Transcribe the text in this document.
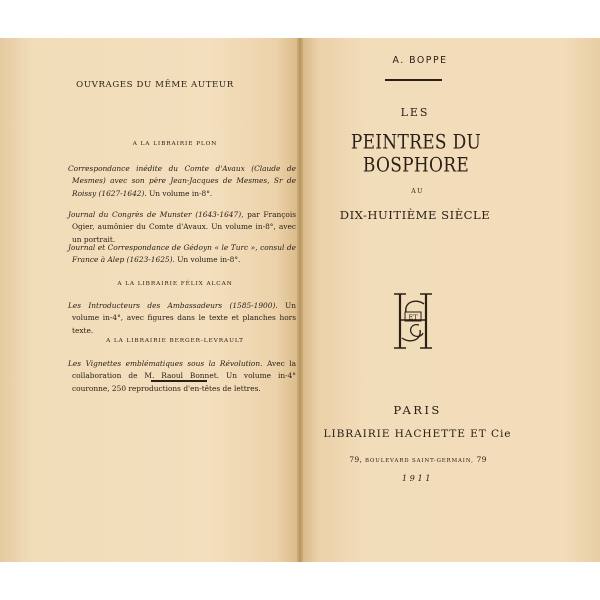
OUVRAGES DU MÊME AUTEUR
A LA LIBRAIRIE PLON
Correspondance inédite du Comte d'Avaux (Claude de Mesmes) avec son père Jean-Jacques de Mesmes, Sr de Roissy (1627-1642). Un volume in-8°.
Journal du Congrès de Munster (1643-1647), par François Ogier, aumônier du Comte d'Avaux. Un volume in-8°, avec un portrait.
Journal et Correspondance de Gédoyn « le Turc », consul de France à Alep (1623-1625). Un volume in-8°.
A LA LIBRAIRIE FÉLIX ALCAN
Les Introducteurs des Ambassadeurs (1585-1900). Un volume in-4°, avec figures dans le texte et planches hors texte.
A LA LIBRAIRIE BERGER-LEVRAULT
Les Vignettes emblématiques sous la Révolution. Avec la collaboration de M. Raoul Bonnet. Un volume in-4° couronne, 250 reproductions d'en-têtes de lettres.
A. BOPPE
LES
PEINTRES DU BOSPHORE
AU
DIX-HUITIÈME SIÈCLE
ET
PARIS
LIBRAIRIE HACHETTE ET Cie
79, BOULEVARD SAINT-GERMAIN, 79
1911
